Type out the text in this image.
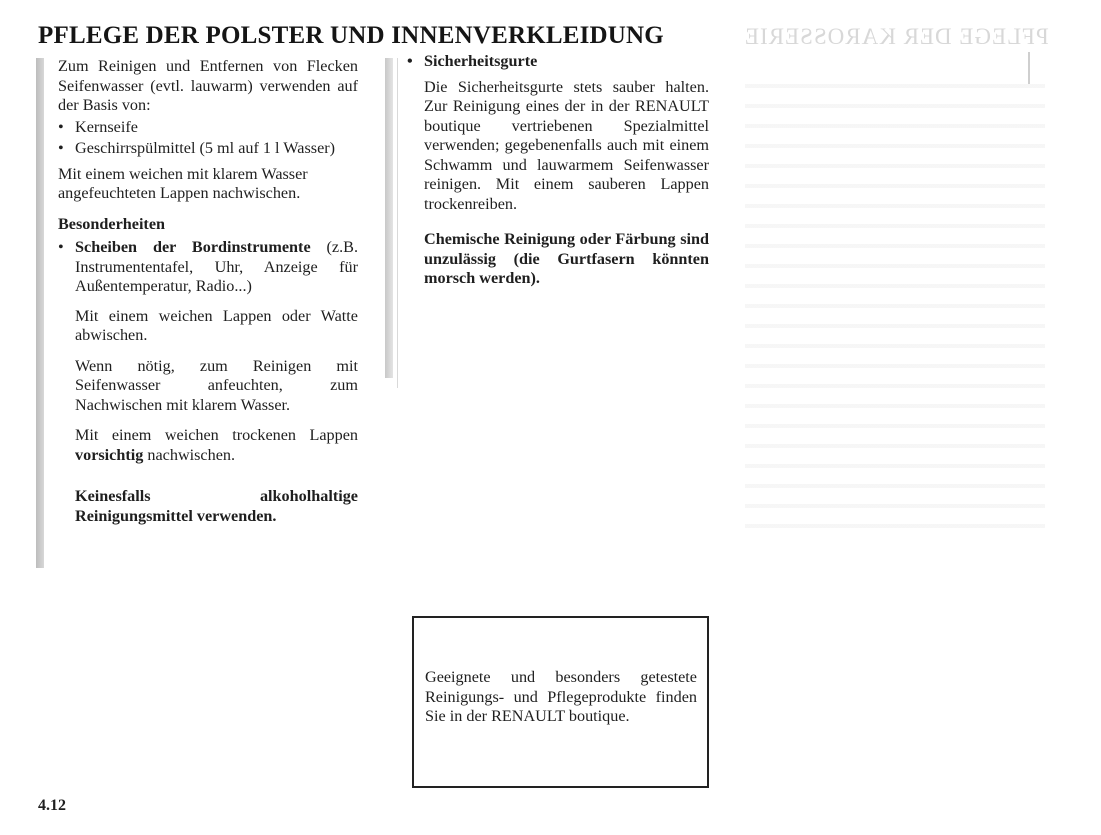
PFLEGE DER KAROSSERIE
PFLEGE DER POLSTER UND INNENVERKLEIDUNG

Zum Reinigen und Entfernen von Flecken Seifenwasser (evtl. lauwarm) verwenden auf der Basis von:

• Kernseife
• Geschirrspülmittel (5 ml auf 1 l Wasser)

Mit einem weichen mit klarem Wasser angefeuchteten Lappen nachwischen.

Besonderheiten

• Scheiben der Bordinstrumente (z.B. Instrumententafel, Uhr, Anzeige für Außentemperatur, Radio...)

Mit einem weichen Lappen oder Watte abwischen.

Wenn nötig, zum Reinigen mit Seifenwasser anfeuchten, zum Nachwischen mit klarem Wasser.

Mit einem weichen trockenen Lappen vorsichtig nachwischen.

Keinesfalls alkoholhaltige Reinigungsmittel verwenden.

• Sicherheitsgurte

Die Sicherheitsgurte stets sauber halten. Zur Reinigung eines der in der RENAULT boutique vertriebenen Spezialmittel verwenden; gegebenenfalls auch mit einem Schwamm und lauwarmem Seifenwasser reinigen. Mit einem sauberen Lappen trockenreiben.

Chemische Reinigung oder Färbung sind unzulässig (die Gurtfasern könnten morsch werden).

Geeignete und besonders getestete Reinigungs- und Pflegeprodukte finden Sie in der RENAULT boutique.
4.12
